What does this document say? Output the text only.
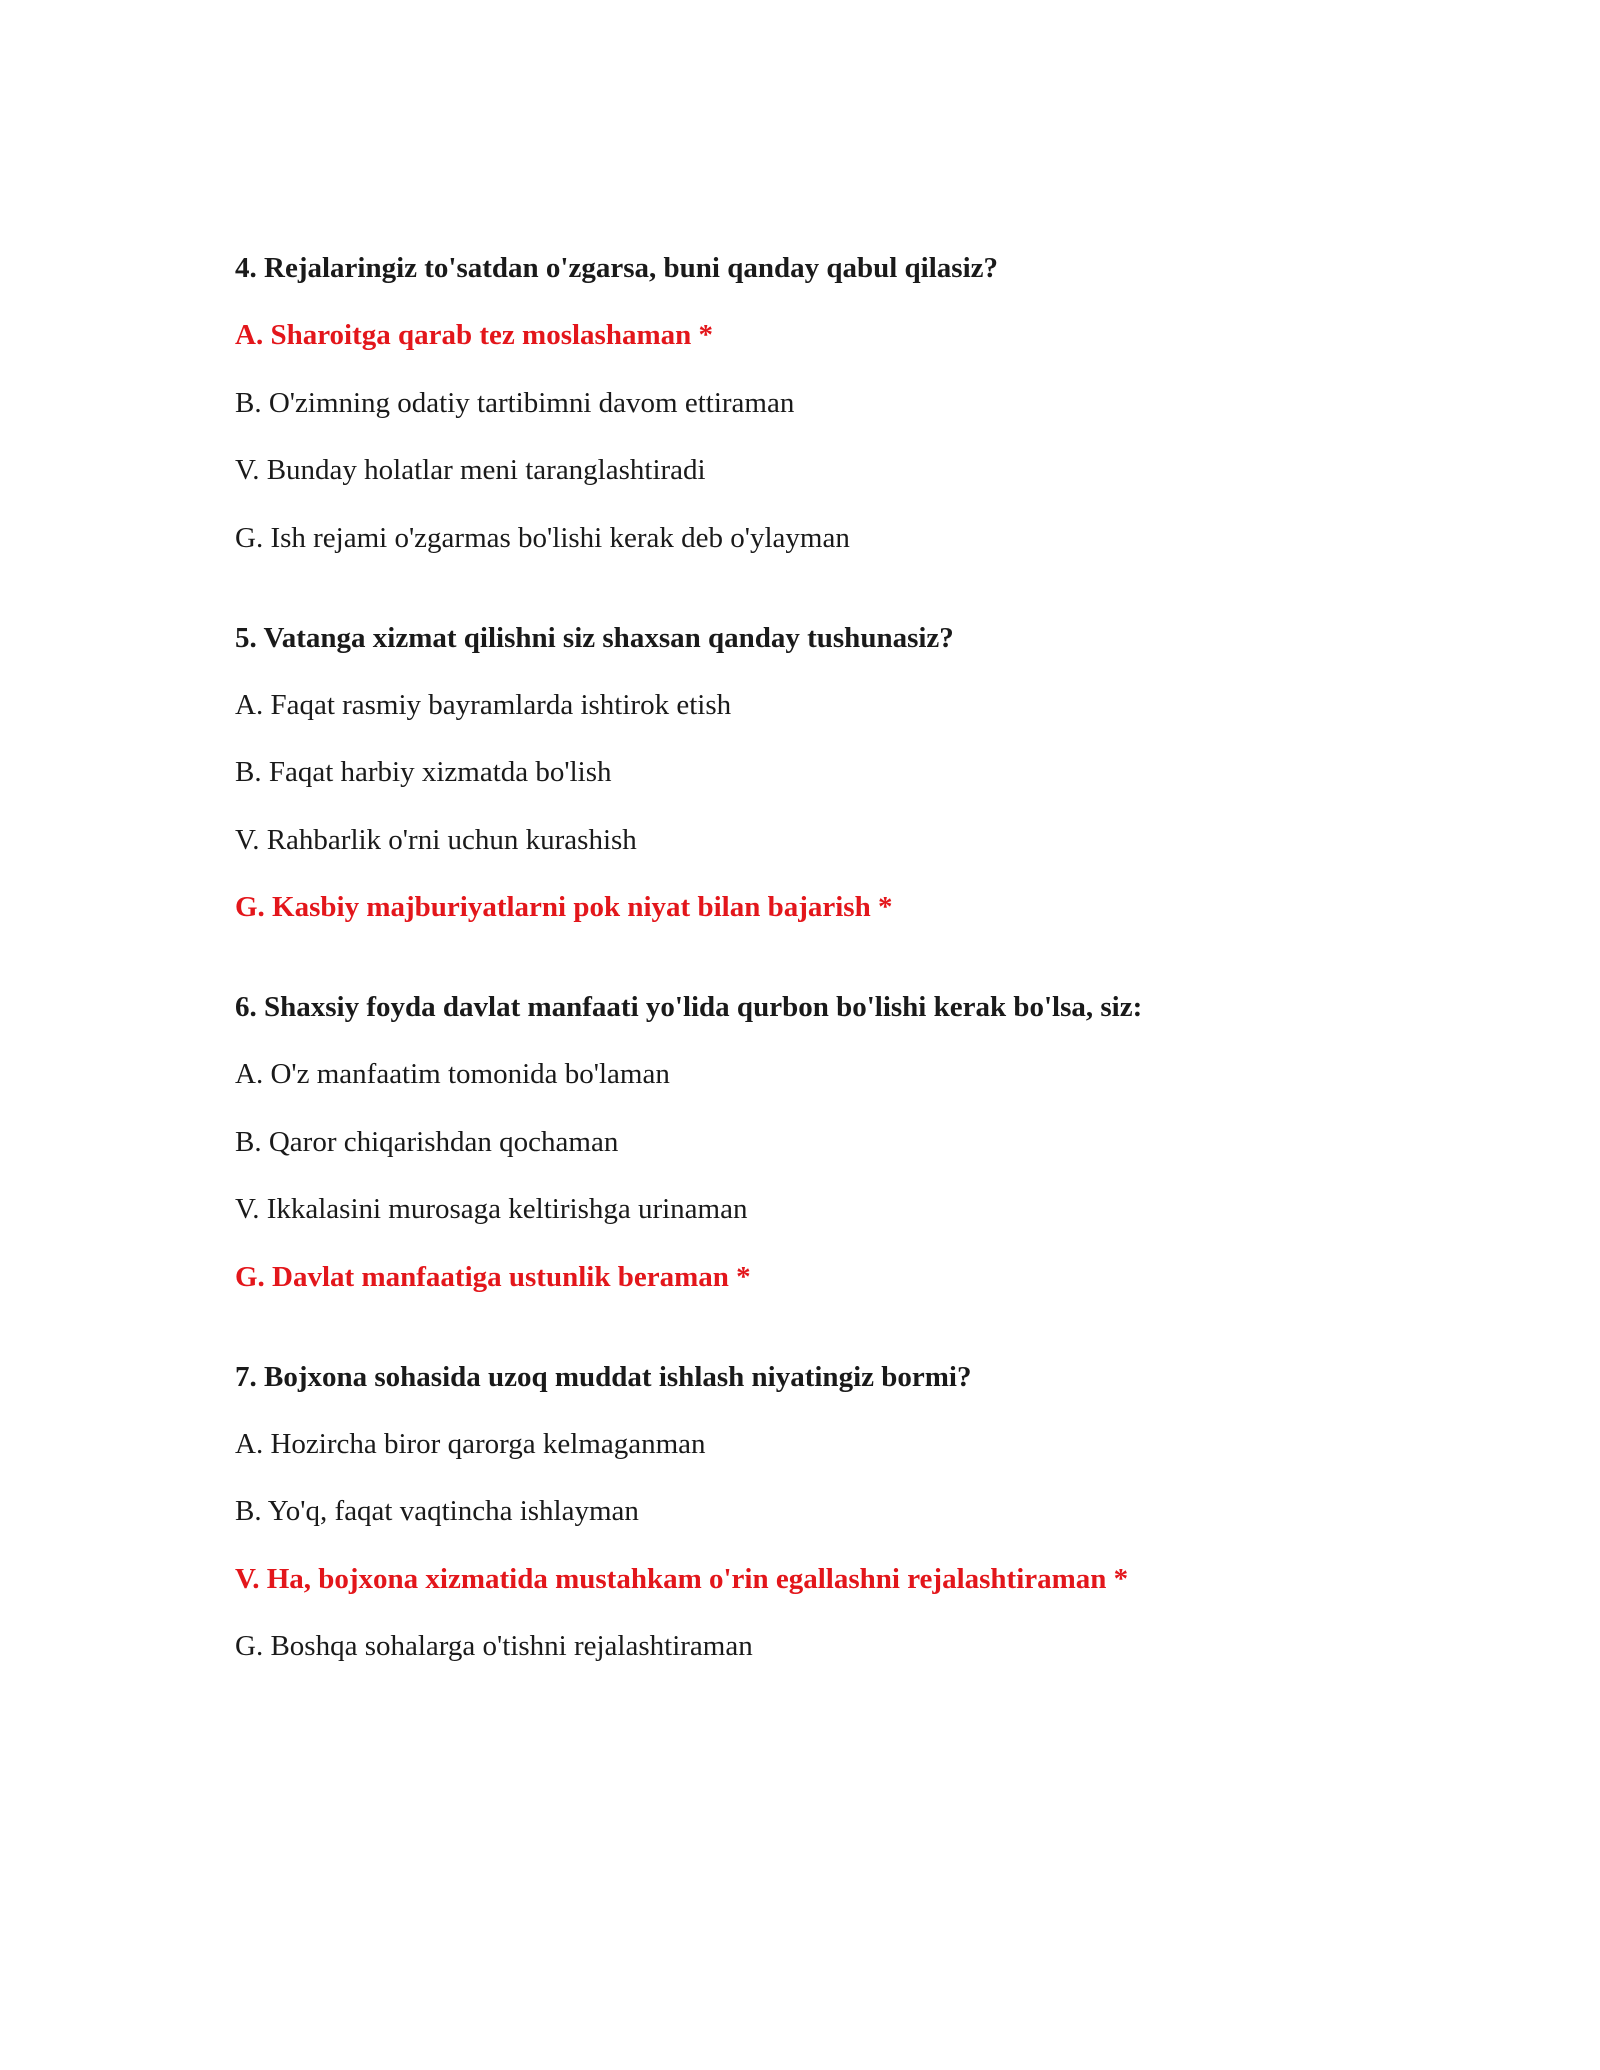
4. Rejalaringiz to'satdan o'zgarsa, buni qanday qabul qilasiz?

A. Sharoitga qarab tez moslashaman *
B. O'zimning odatiy tartibimni davom ettiraman
V. Bunday holatlar meni taranglashtiradi
G. Ish rejami o'zgarmas bo'lishi kerak deb o'ylayman

5. Vatanga xizmat qilishni siz shaxsan qanday tushunasiz?

A. Faqat rasmiy bayramlarda ishtirok etish
B. Faqat harbiy xizmatda bo'lish
V. Rahbarlik o'rni uchun kurashish
G. Kasbiy majburiyatlarni pok niyat bilan bajarish *

6. Shaxsiy foyda davlat manfaati yo'lida qurbon bo'lishi kerak bo'lsa, siz:

A. O'z manfaatim tomonida bo'laman
B. Qaror chiqarishdan qochaman
V. Ikkalasini murosaga keltirishga urinaman
G. Davlat manfaatiga ustunlik beraman *

7. Bojxona sohasida uzoq muddat ishlash niyatingiz bormi?

A. Hozircha biror qarorga kelmaganman
B. Yo'q, faqat vaqtincha ishlayman
V. Ha, bojxona xizmatida mustahkam o'rin egallashni rejalashtiraman *
G. Boshqa sohalarga o'tishni rejalashtiraman
